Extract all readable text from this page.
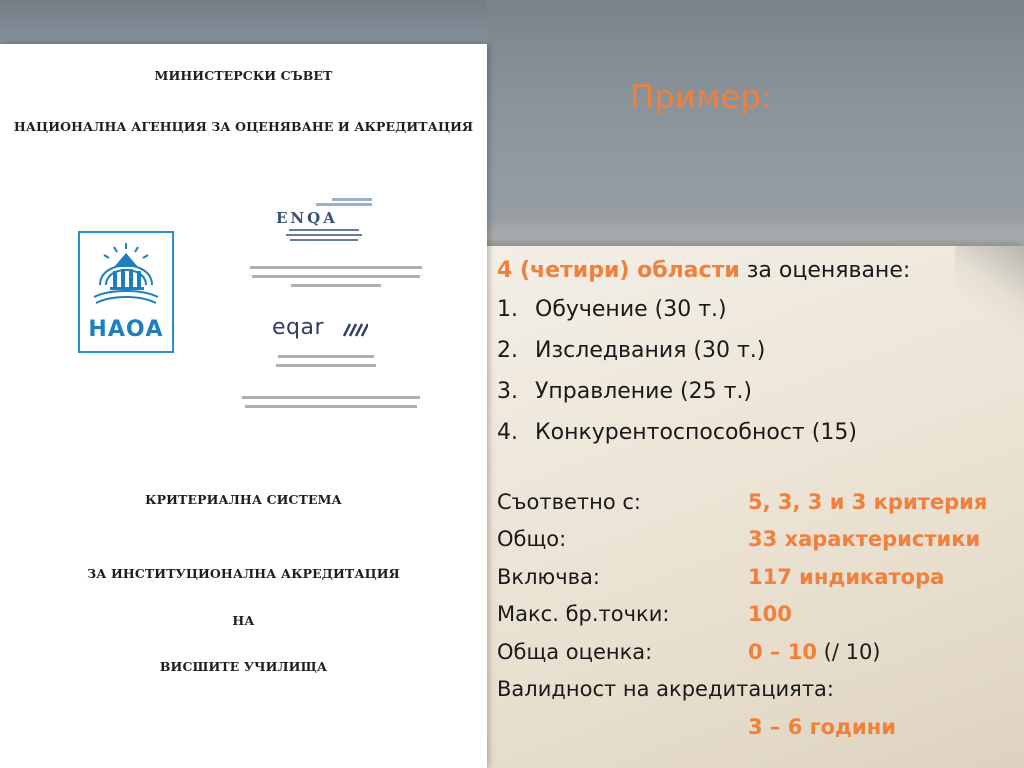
МИНИСТЕРСКИ СЪВЕТ
НАЦИОНАЛНА АГЕНЦИЯ ЗА ОЦЕНЯВАНЕ И АКРЕДИТАЦИЯ
ENQA
НАОА	eqar
КРИТЕРИАЛНА СИСТЕМА
ЗА ИНСТИТУЦИОНАЛНА АКРЕДИТАЦИЯ
НА
ВИСШИТЕ УЧИЛИЩА
Пример:
4 (четири) области за оценяване:
1. Обучение (30 т.)
2. Изследвания (30 т.)
3. Управление (25 т.)
4. Конкурентоспособност (15)
Съответно с:	5, 3, 3 и 3 критерия
Общо:	33 характеристики
Включва:	117 индикатора
Макс. бр.точки:	100
Обща оценка:	0 – 10 (/ 10)
Валидност на акредитацията:
3 – 6 години
